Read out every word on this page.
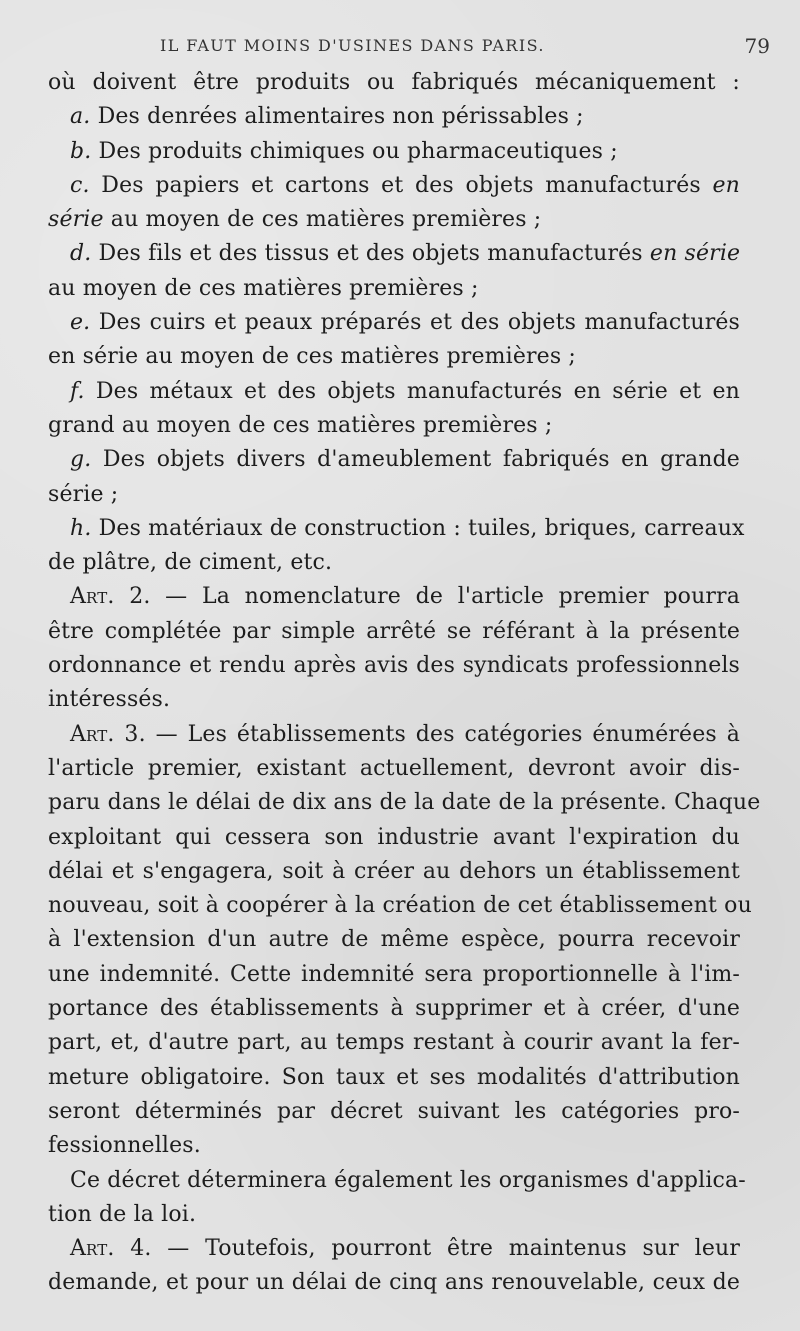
IL FAUT MOINS D'USINES DANS PARIS.	79
où doivent être produits ou fabriqués mécaniquement :
a. Des denrées alimentaires non périssables ;
b. Des produits chimiques ou pharmaceutiques ;
c. Des papiers et cartons et des objets manufacturés en
série au moyen de ces matières premières ;
d. Des fils et des tissus et des objets manufacturés en série
au moyen de ces matières premières ;
e. Des cuirs et peaux préparés et des objets manufacturés
en série au moyen de ces matières premières ;
f. Des métaux et des objets manufacturés en série et en
grand au moyen de ces matières premières ;
g. Des objets divers d'ameublement fabriqués en grande
série ;
h. Des matériaux de construction : tuiles, briques, carreaux
de plâtre, de ciment, etc.
Art. 2. — La nomenclature de l'article premier pourra
être complétée par simple arrêté se référant à la présente
ordonnance et rendu après avis des syndicats professionnels
intéressés.
Art. 3. — Les établissements des catégories énumérées à
l'article premier, existant actuellement, devront avoir dis-
paru dans le délai de dix ans de la date de la présente. Chaque
exploitant qui cessera son industrie avant l'expiration du
délai et s'engagera, soit à créer au dehors un établissement
nouveau, soit à coopérer à la création de cet établissement ou
à l'extension d'un autre de même espèce, pourra recevoir
une indemnité. Cette indemnité sera proportionnelle à l'im-
portance des établissements à supprimer et à créer, d'une
part, et, d'autre part, au temps restant à courir avant la fer-
meture obligatoire. Son taux et ses modalités d'attribution
seront déterminés par décret suivant les catégories pro-
fessionnelles.
Ce décret déterminera également les organismes d'applica-
tion de la loi.
Art. 4. — Toutefois, pourront être maintenus sur leur
demande, et pour un délai de cinq ans renouvelable, ceux de
